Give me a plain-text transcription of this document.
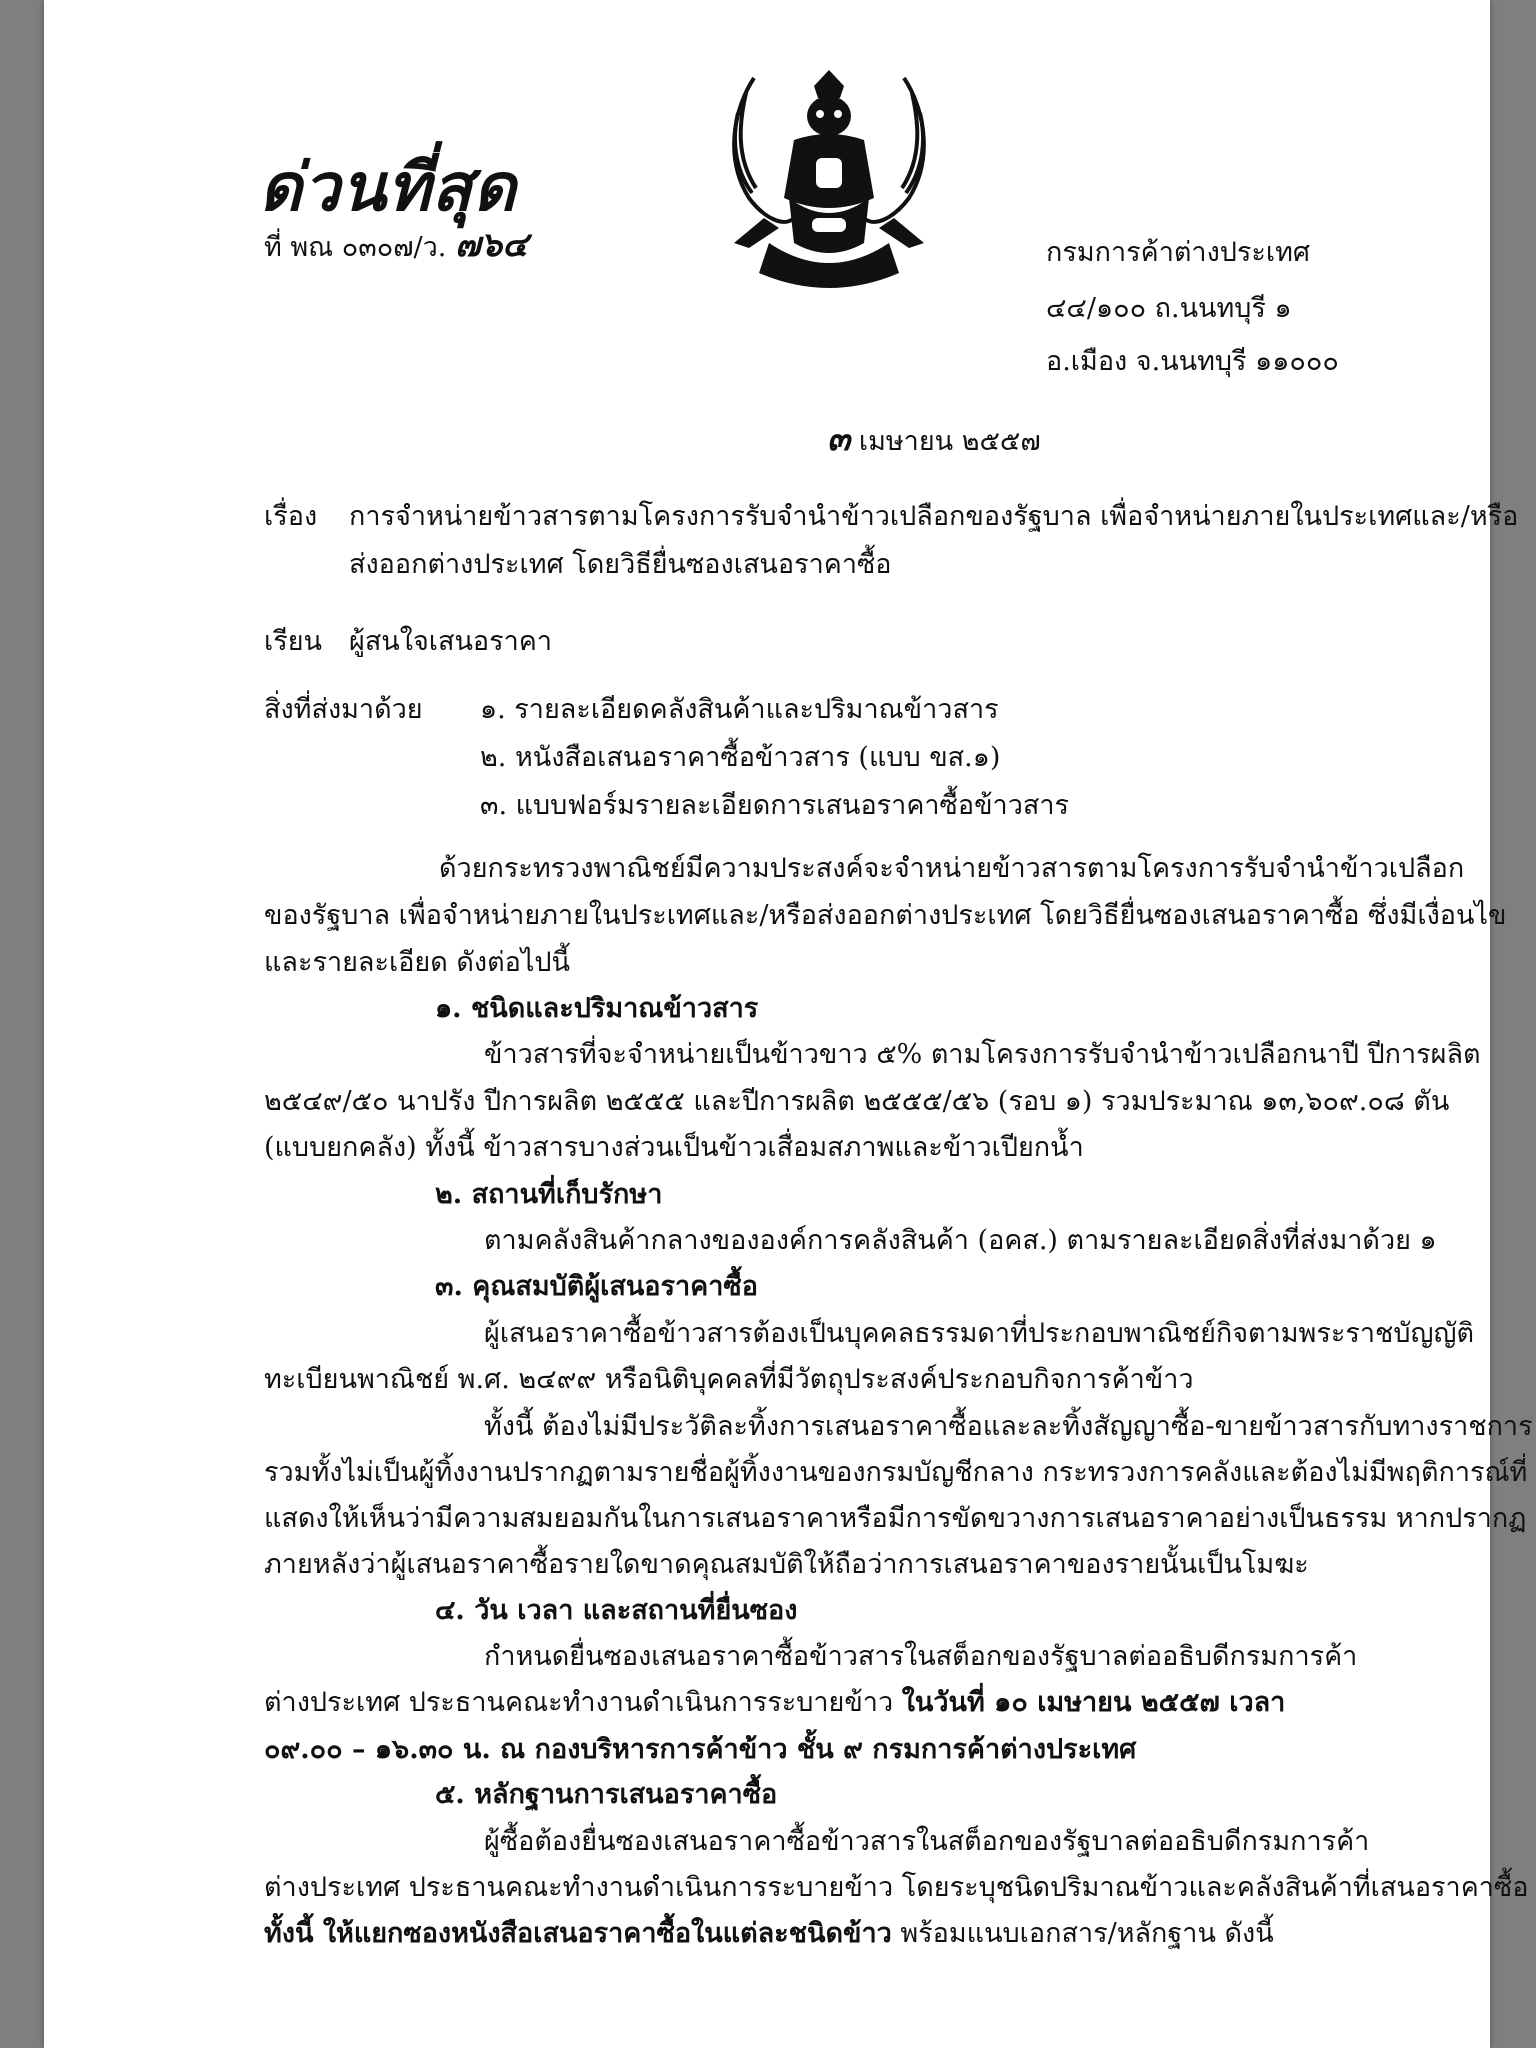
ด่วนที่สุด
ที่ พณ ๐๓๐๗/ว. ๗๖๔	กรมการค้าต่างประเทศ
๔๔/๑๐๐ ถ.นนทบุรี ๑
อ.เมือง จ.นนทบุรี ๑๑๐๐๐
๓ เมษายน ๒๕๕๗
เรื่อง การจำหน่ายข้าวสารตามโครงการรับจำนำข้าวเปลือกของรัฐบาล เพื่อจำหน่ายภายในประเทศและ/หรือ
ส่งออกต่างประเทศ โดยวิธียื่นซองเสนอราคาซื้อ
เรียน ผู้สนใจเสนอราคา
สิ่งที่ส่งมาด้วย ๑. รายละเอียดคลังสินค้าและปริมาณข้าวสาร
๒. หนังสือเสนอราคาซื้อข้าวสาร (แบบ ขส.๑)
๓. แบบฟอร์มรายละเอียดการเสนอราคาซื้อข้าวสาร
ด้วยกระทรวงพาณิชย์มีความประสงค์จะจำหน่ายข้าวสารตามโครงการรับจำนำข้าวเปลือก
ของรัฐบาล เพื่อจำหน่ายภายในประเทศและ/หรือส่งออกต่างประเทศ โดยวิธียื่นซองเสนอราคาซื้อ ซึ่งมีเงื่อนไข
และรายละเอียด ดังต่อไปนี้
๑. ชนิดและปริมาณข้าวสาร
ข้าวสารที่จะจำหน่ายเป็นข้าวขาว ๕% ตามโครงการรับจำนำข้าวเปลือกนาปี ปีการผลิต
๒๕๔๙/๕๐ นาปรัง ปีการผลิต ๒๕๕๕ และปีการผลิต ๒๕๕๕/๕๖ (รอบ ๑) รวมประมาณ ๑๓,๖๐๙.๐๘ ตัน
(แบบยกคลัง) ทั้งนี้ ข้าวสารบางส่วนเป็นข้าวเสื่อมสภาพและข้าวเปียกน้ำ
๒. สถานที่เก็บรักษา
ตามคลังสินค้ากลางขององค์การคลังสินค้า (อคส.) ตามรายละเอียดสิ่งที่ส่งมาด้วย ๑
๓. คุณสมบัติผู้เสนอราคาซื้อ
ผู้เสนอราคาซื้อข้าวสารต้องเป็นบุคคลธรรมดาที่ประกอบพาณิชย์กิจตามพระราชบัญญัติ
ทะเบียนพาณิชย์ พ.ศ. ๒๔๙๙ หรือนิติบุคคลที่มีวัตถุประสงค์ประกอบกิจการค้าข้าว
ทั้งนี้ ต้องไม่มีประวัติละทิ้งการเสนอราคาซื้อและละทิ้งสัญญาซื้อ-ขายข้าวสารกับทางราชการ
รวมทั้งไม่เป็นผู้ทิ้งงานปรากฏตามรายชื่อผู้ทิ้งงานของกรมบัญชีกลาง กระทรวงการคลังและต้องไม่มีพฤติการณ์ที่
แสดงให้เห็นว่ามีความสมยอมกันในการเสนอราคาหรือมีการขัดขวางการเสนอราคาอย่างเป็นธรรม หากปรากฏ
ภายหลังว่าผู้เสนอราคาซื้อรายใดขาดคุณสมบัติให้ถือว่าการเสนอราคาของรายนั้นเป็นโมฆะ
๔. วัน เวลา และสถานที่ยื่นซอง
กำหนดยื่นซองเสนอราคาซื้อข้าวสารในสต็อกของรัฐบาลต่ออธิบดีกรมการค้า
ต่างประเทศ ประธานคณะทำงานดำเนินการระบายข้าว ในวันที่ ๑๐ เมษายน ๒๕๕๗ เวลา
๐๙.๐๐ – ๑๖.๓๐ น. ณ กองบริหารการค้าข้าว ชั้น ๙ กรมการค้าต่างประเทศ
๕. หลักฐานการเสนอราคาซื้อ
ผู้ซื้อต้องยื่นซองเสนอราคาซื้อข้าวสารในสต็อกของรัฐบาลต่ออธิบดีกรมการค้า
ต่างประเทศ ประธานคณะทำงานดำเนินการระบายข้าว โดยระบุชนิดปริมาณข้าวและคลังสินค้าที่เสนอราคาซื้อ
ทั้งนี้ ให้แยกซองหนังสือเสนอราคาซื้อในแต่ละชนิดข้าว พร้อมแนบเอกสาร/หลักฐาน ดังนี้
